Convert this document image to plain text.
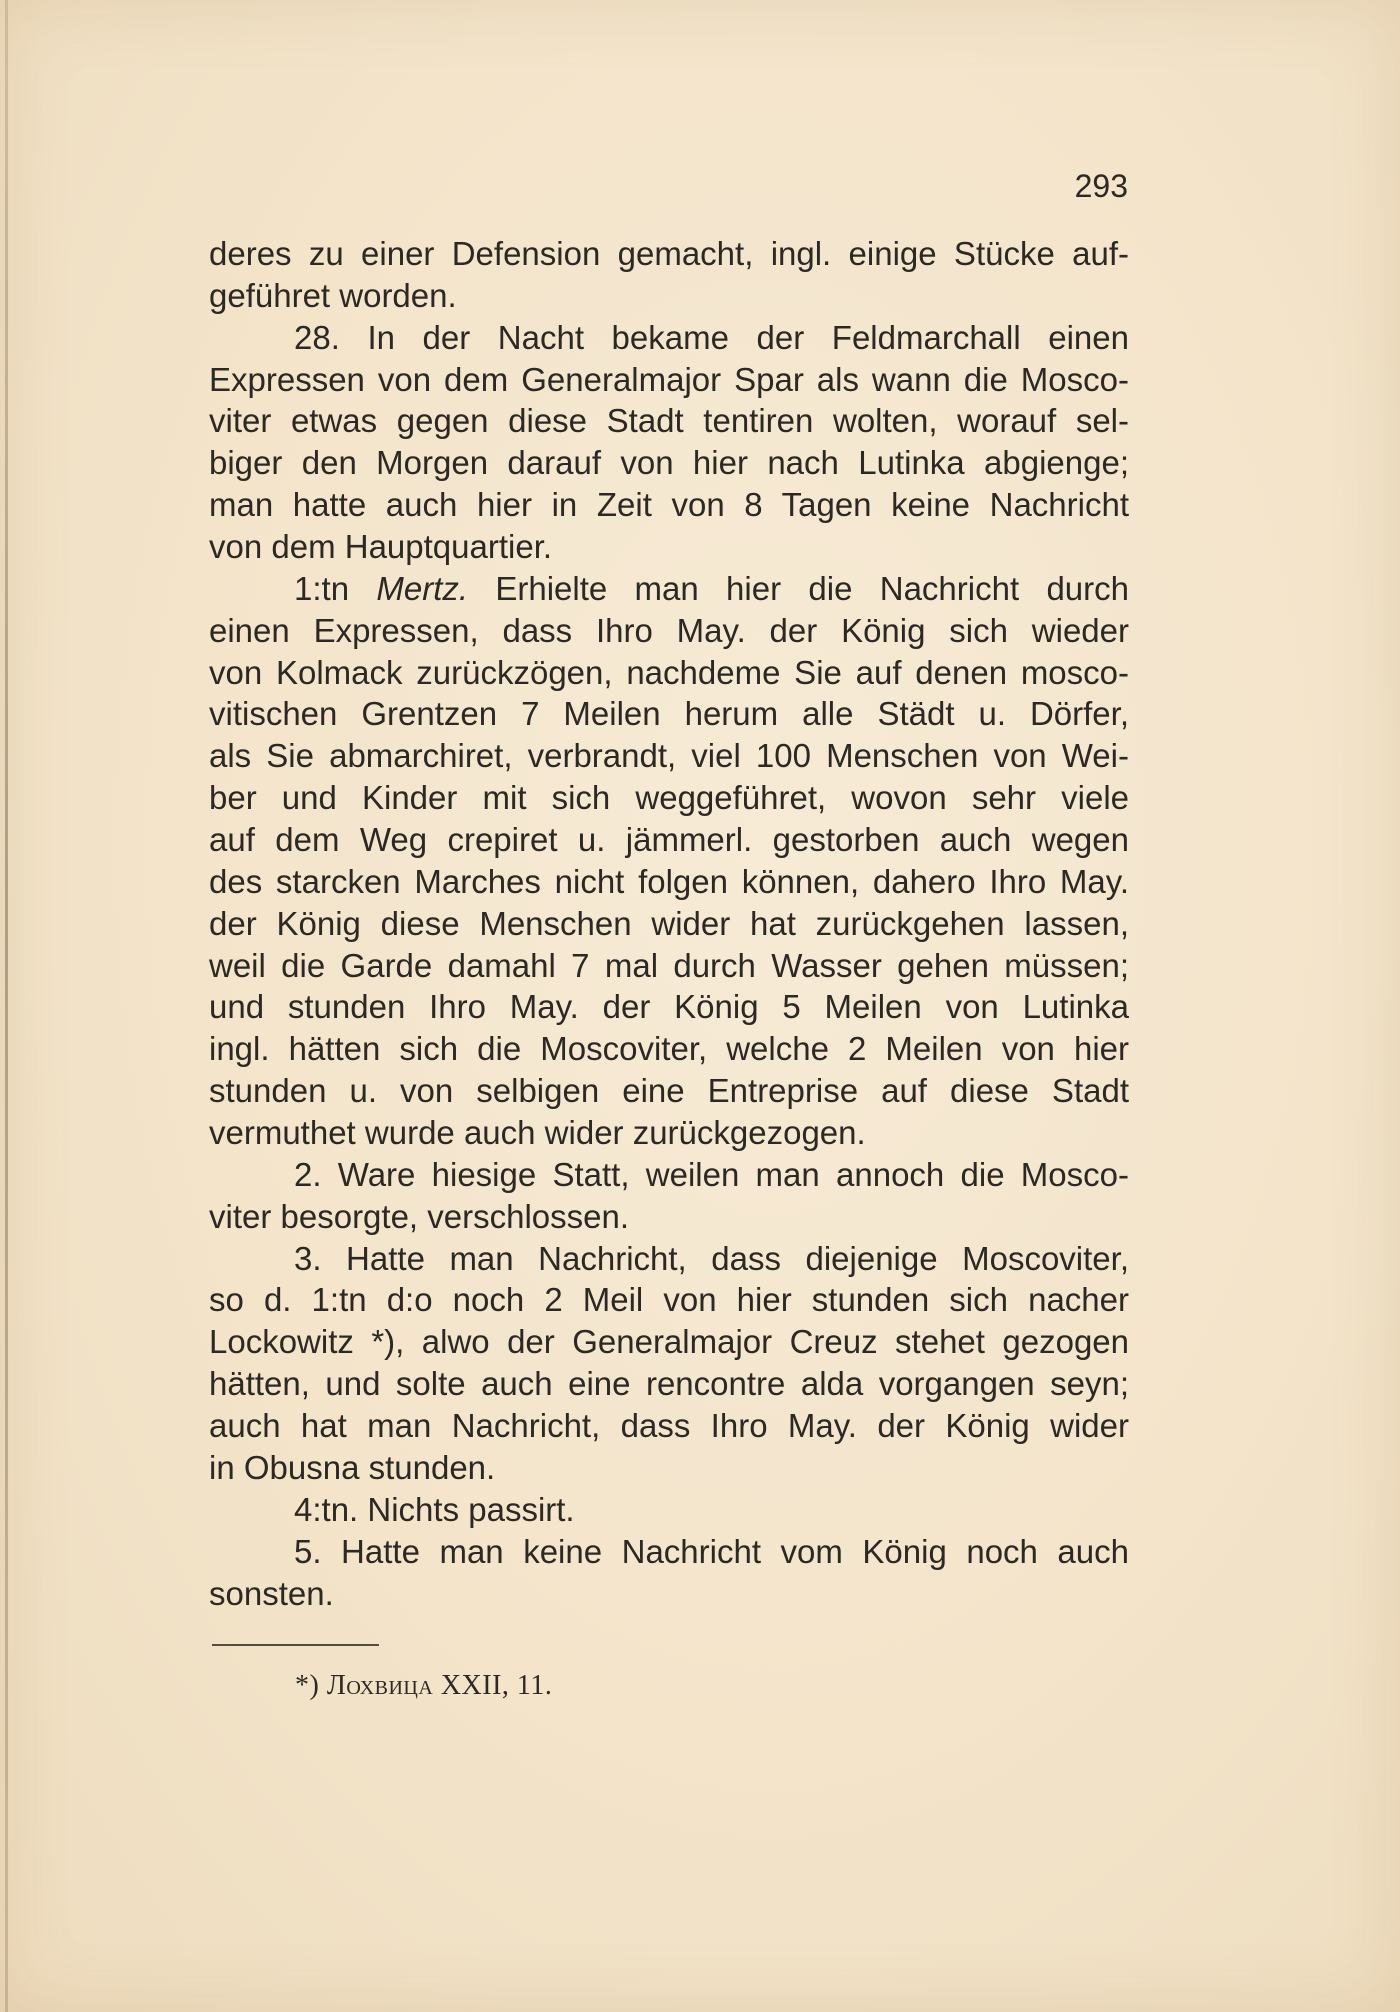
293
deres zu einer Defension gemacht, ingl. einige Stücke auf-
geführet worden.
28. In der Nacht bekame der Feldmarchall einen
Expressen von dem Generalmajor Spar als wann die Mosco-
viter etwas gegen diese Stadt tentiren wolten, worauf sel-
biger den Morgen darauf von hier nach Lutinka abgienge;
man hatte auch hier in Zeit von 8 Tagen keine Nachricht
von dem Hauptquartier.
1:tn Mertz. Erhielte man hier die Nachricht durch
einen Expressen, dass Ihro May. der König sich wieder
von Kolmack zurückzögen, nachdeme Sie auf denen mosco-
vitischen Grentzen 7 Meilen herum alle Städt u. Dörfer,
als Sie abmarchiret, verbrandt, viel 100 Menschen von Wei-
ber und Kinder mit sich weggeführet, wovon sehr viele
auf dem Weg crepiret u. jämmerl. gestorben auch wegen
des starcken Marches nicht folgen können, dahero Ihro May.
der König diese Menschen wider hat zurückgehen lassen,
weil die Garde damahl 7 mal durch Wasser gehen müssen;
und stunden Ihro May. der König 5 Meilen von Lutinka
ingl. hätten sich die Moscoviter, welche 2 Meilen von hier
stunden u. von selbigen eine Entreprise auf diese Stadt
vermuthet wurde auch wider zurückgezogen.
2. Ware hiesige Statt, weilen man annoch die Mosco-
viter besorgte, verschlossen.
3. Hatte man Nachricht, dass diejenige Moscoviter,
so d. 1:tn d:o noch 2 Meil von hier stunden sich nacher
Lockowitz *), alwo der Generalmajor Creuz stehet gezogen
hätten, und solte auch eine rencontre alda vorgangen seyn;
auch hat man Nachricht, dass Ihro May. der König wider
in Obusna stunden.
4:tn. Nichts passirt.
5. Hatte man keine Nachricht vom König noch auch
sonsten.
*) Лохвица XXII, 11.
